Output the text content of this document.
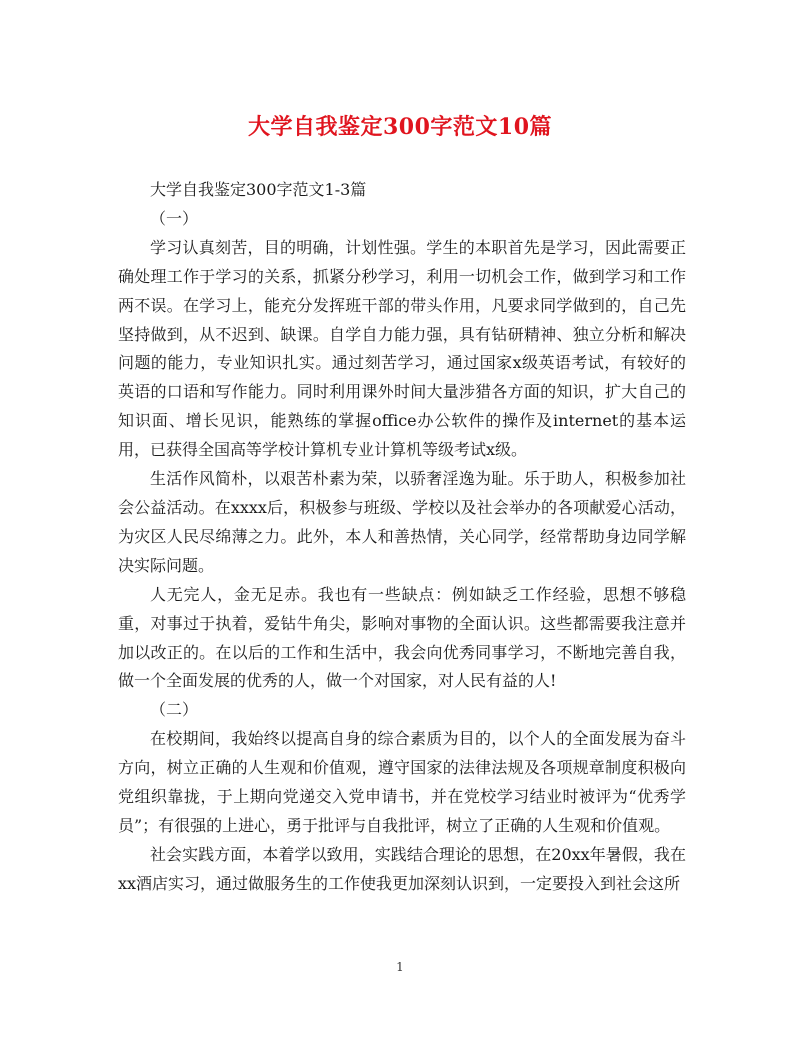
大学自我鉴定300字范文10篇

大学自我鉴定300字范文1-3篇

（一）

学习认真刻苦，目的明确，计划性强。学生的本职首先是学习，因此需要正确处理工作于学习的关系，抓紧分秒学习，利用一切机会工作，做到学习和工作两不误。在学习上，能充分发挥班干部的带头作用，凡要求同学做到的，自己先坚持做到，从不迟到、缺课。自学自力能力强，具有钻研精神、独立分析和解决问题的能力，专业知识扎实。通过刻苦学习，通过国家x级英语考试，有较好的英语的口语和写作能力。同时利用课外时间大量涉猎各方面的知识，扩大自己的知识面、增长见识，能熟练的掌握office办公软件的操作及internet的基本运用，已获得全国高等学校计算机专业计算机等级考试x级。

生活作风简朴，以艰苦朴素为荣，以骄奢淫逸为耻。乐于助人，积极参加社会公益活动。在xxxx后，积极参与班级、学校以及社会举办的各项献爱心活动，为灾区人民尽绵薄之力。此外，本人和善热情，关心同学，经常帮助身边同学解决实际问题。

人无完人，金无足赤。我也有一些缺点：例如缺乏工作经验，思想不够稳重，对事过于执着，爱钻牛角尖，影响对事物的全面认识。这些都需要我注意并加以改正的。在以后的工作和生活中，我会向优秀同事学习，不断地完善自我，做一个全面发展的优秀的人，做一个对国家，对人民有益的人!

（二）

在校期间，我始终以提高自身的综合素质为目的，以个人的全面发展为奋斗方向，树立正确的人生观和价值观，遵守国家的法律法规及各项规章制度积极向党组织靠拢，于上期向党递交入党申请书，并在党校学习结业时被评为“优秀学员”；有很强的上进心，勇于批评与自我批评，树立了正确的人生观和价值观。

社会实践方面，本着学以致用，实践结合理论的思想，在20xx年暑假，我在xx酒店实习，通过做服务生的工作使我更加深刻认识到，一定要投入到社会这所

1
